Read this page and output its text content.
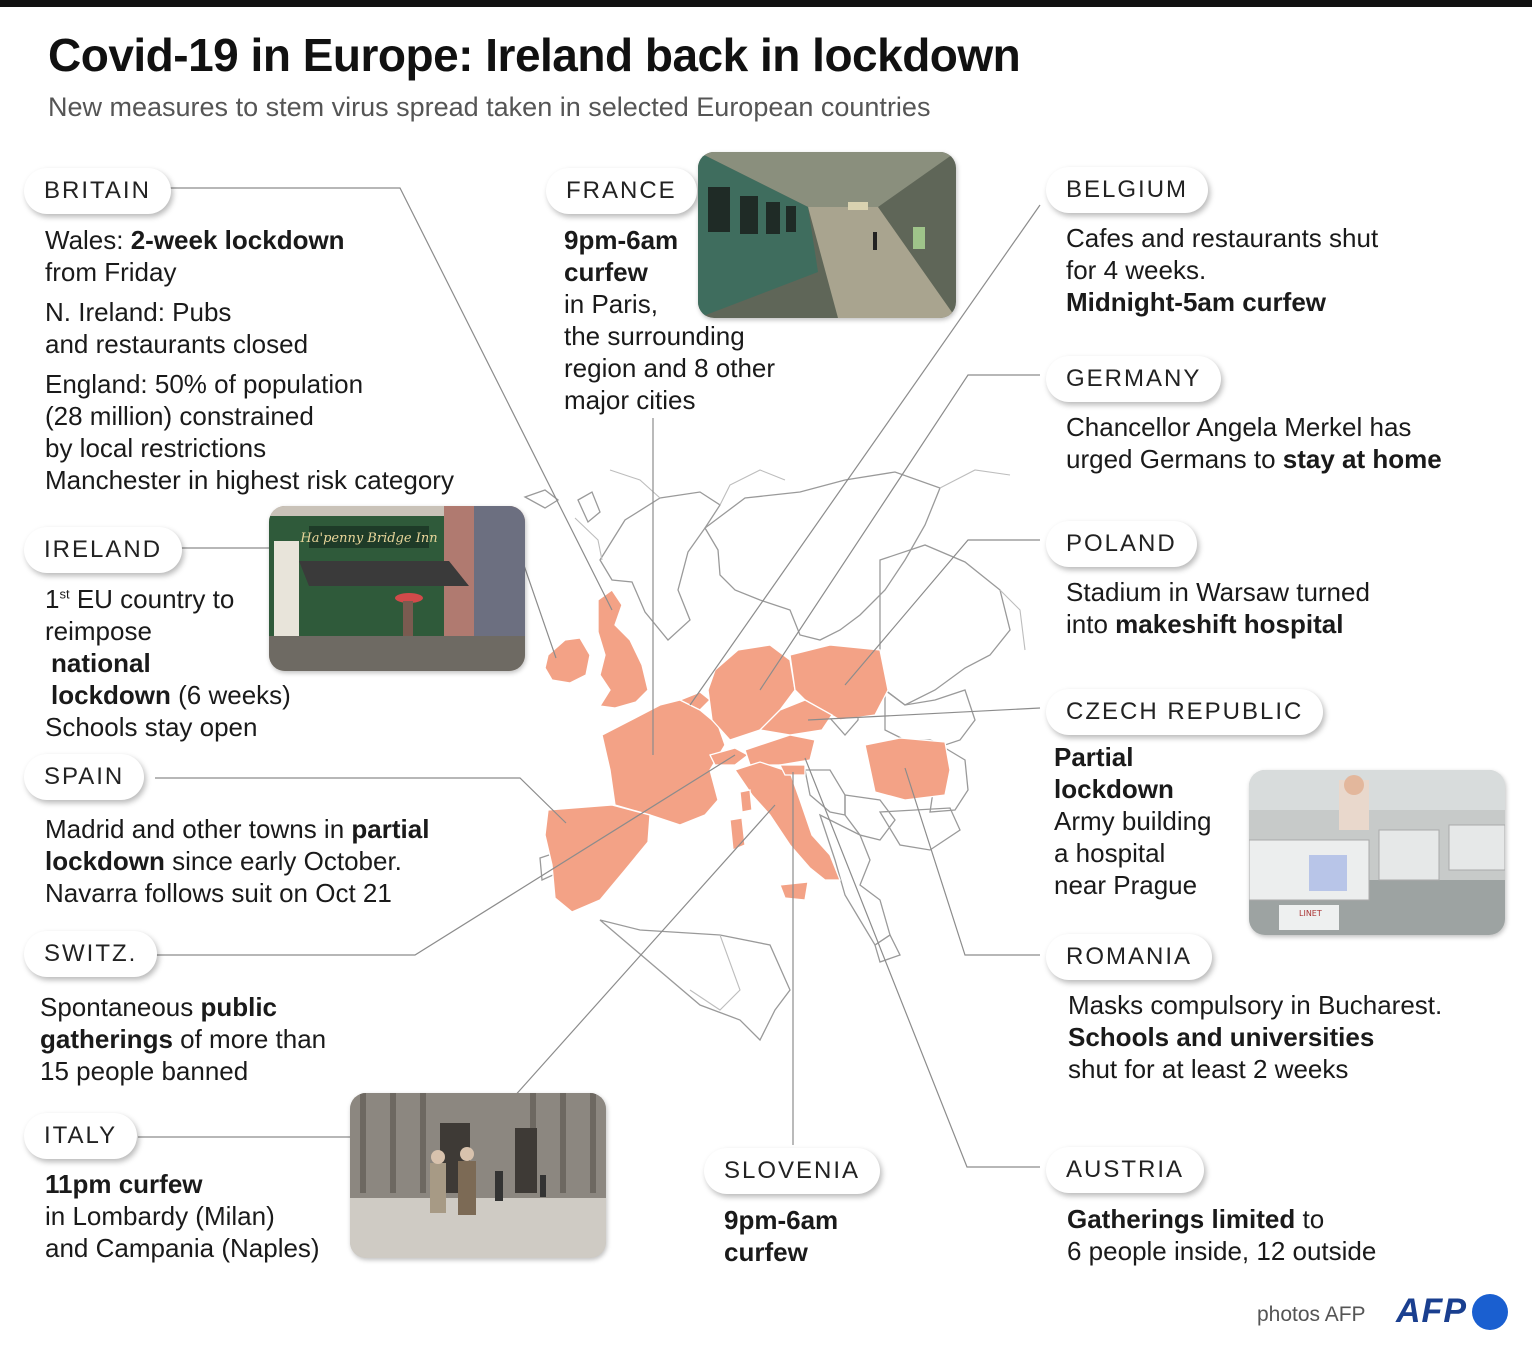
Covid-19 in Europe: Ireland back in lockdown

New measures to stem virus spread taken in selected European countries

BRITAIN

Wales: 2-week lockdown

from Friday

N. Ireland: Pubs

and restaurants closed

England: 50% of population

(28 million) constrained

by local restrictions

Manchester in highest risk category

IRELAND

1st EU country to

reimpose

national

lockdown (6 weeks)

Schools stay open

SPAIN

Madrid and other towns in partial

lockdown since early October.

Navarra follows suit on Oct 21

SWITZ.

Spontaneous public

gatherings of more than

15 people banned

ITALY

11pm curfew

in Lombardy (Milan)

and Campania (Naples)

FRANCE

9pm-6am

curfew

in Paris,

the surrounding

region and 8 other

major cities

BELGIUM

Cafes and restaurants shut

for 4 weeks.

Midnight-5am curfew

GERMANY

Chancellor Angela Merkel has

urged Germans to stay at home

POLAND

Stadium in Warsaw turned

into makeshift hospital

CZECH REPUBLIC

Partial

lockdown

Army building

a hospital

near Prague

ROMANIA

Masks compulsory in Bucharest.

Schools and universities

shut for at least 2 weeks

SLOVENIA

9pm-6am

curfew

AUSTRIA

Gatherings limited to

6 people inside, 12 outside

Ha'penny Bridge Inn
LINET
photos AFP AFP
